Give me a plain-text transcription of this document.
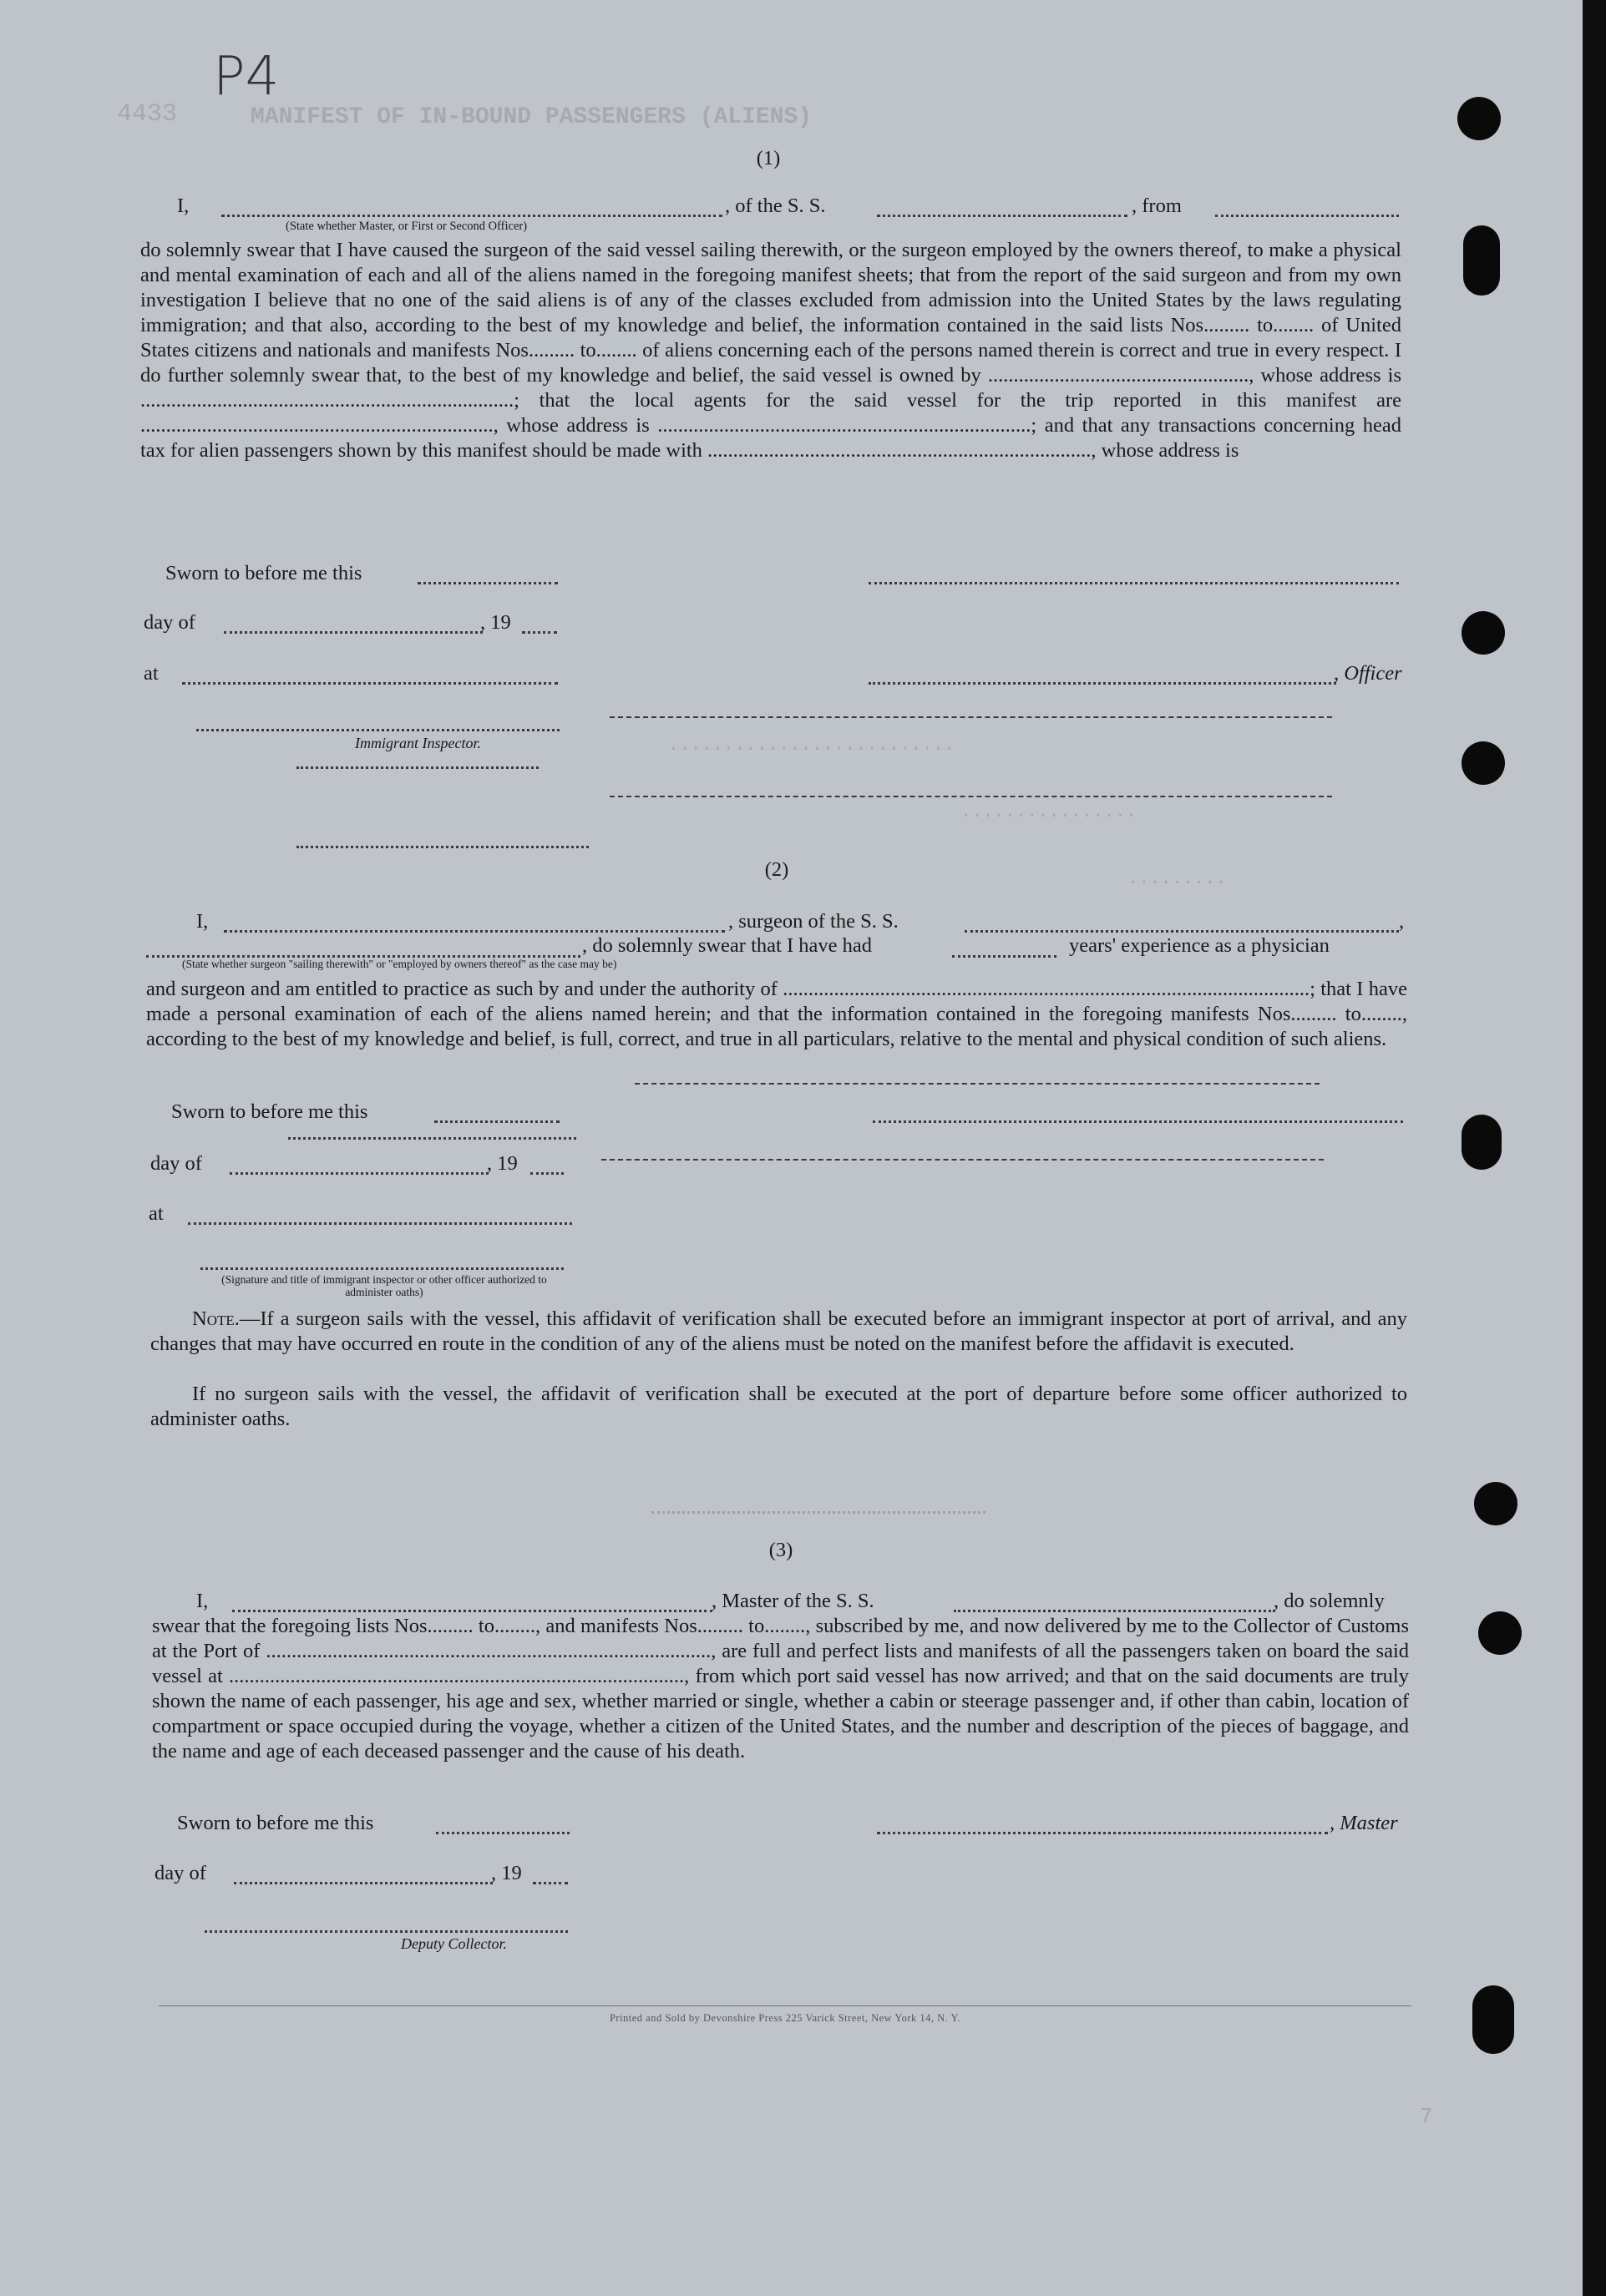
MANIFEST OF IN-BOUND PASSENGERS (ALIENS)
4433
..........................
................
.........
P4
(1)
I,	, of the S. S.	, from
(State whether Master, or First or Second Officer)

do solemnly swear that I have caused the surgeon of the said vessel sailing therewith, or the surgeon employed by the owners thereof, to make a physical and mental examination of each and all of the aliens named in the foregoing manifest sheets; that from the report of the said surgeon and from my own investigation I believe that no one of the said aliens is of any of the classes excluded from admission into the United States by the laws regulating immigration; and that also, according to the best of my knowledge and belief, the information contained in the said lists Nos......... to........ of United States citizens and nationals and manifests Nos......... to........ of aliens concerning each of the persons named therein is correct and true in every respect. I do further solemnly swear that, to the best of my knowledge and belief, the said vessel is owned by ..................................................., whose address is .........................................................................; that the local agents for the said vessel for the trip reported in this manifest are ....................................................................., whose address is .........................................................................; and that any transactions concerning head tax for alien passengers shown by this manifest should be made with ..........................................................................., whose address is

Sworn to before me this
day of	, 19
at	, Officer
Immigrant Inspector.
(2)
I,	, surgeon of the S. S.	,
, do solemnly swear that I have had	years' experience as a physician
(State whether surgeon "sailing therewith" or "employed by owners thereof" as the case may be)

and surgeon and am entitled to practice as such by and under the authority of .......................................................................................................; that I have made a personal examination of each of the aliens named herein; and that the information contained in the foregoing manifests Nos......... to........, according to the best of my knowledge and belief, is full, correct, and true in all particulars, relative to the mental and physical condition of such aliens.

Sworn to before me this
day of	, 19
at
(Signature and title of immigrant inspector or other officer authorized to administer oaths)

Note.—If a surgeon sails with the vessel, this affidavit of verification shall be executed before an immigrant inspector at port of arrival, and any changes that may have occurred en route in the condition of any of the aliens must be noted on the manifest before the affidavit is executed.

If no surgeon sails with the vessel, the affidavit of verification shall be executed at the port of departure before some officer authorized to administer oaths.

(3)
I,	, Master of the S. S.	, do solemnly

swear that the foregoing lists Nos......... to........, and manifests Nos......... to........, subscribed by me, and now delivered by me to the Collector of Customs at the Port of ......................................................................................., are full and perfect lists and manifests of all the passengers taken on board the said vessel at ........................................................................................., from which port said vessel has now arrived; and that on the said documents are truly shown the name of each passenger, his age and sex, whether married or single, whether a cabin or steerage passenger and, if other than cabin, location of compartment or space occupied during the voyage, whether a citizen of the United States, and the number and description of the pieces of baggage, and the name and age of each deceased passenger and the cause of his death.

Sworn to before me this	, Master
day of	, 19
Deputy Collector.
Printed and Sold by Devonshire Press 225 Varick Street, New York 14, N. Y.
7
